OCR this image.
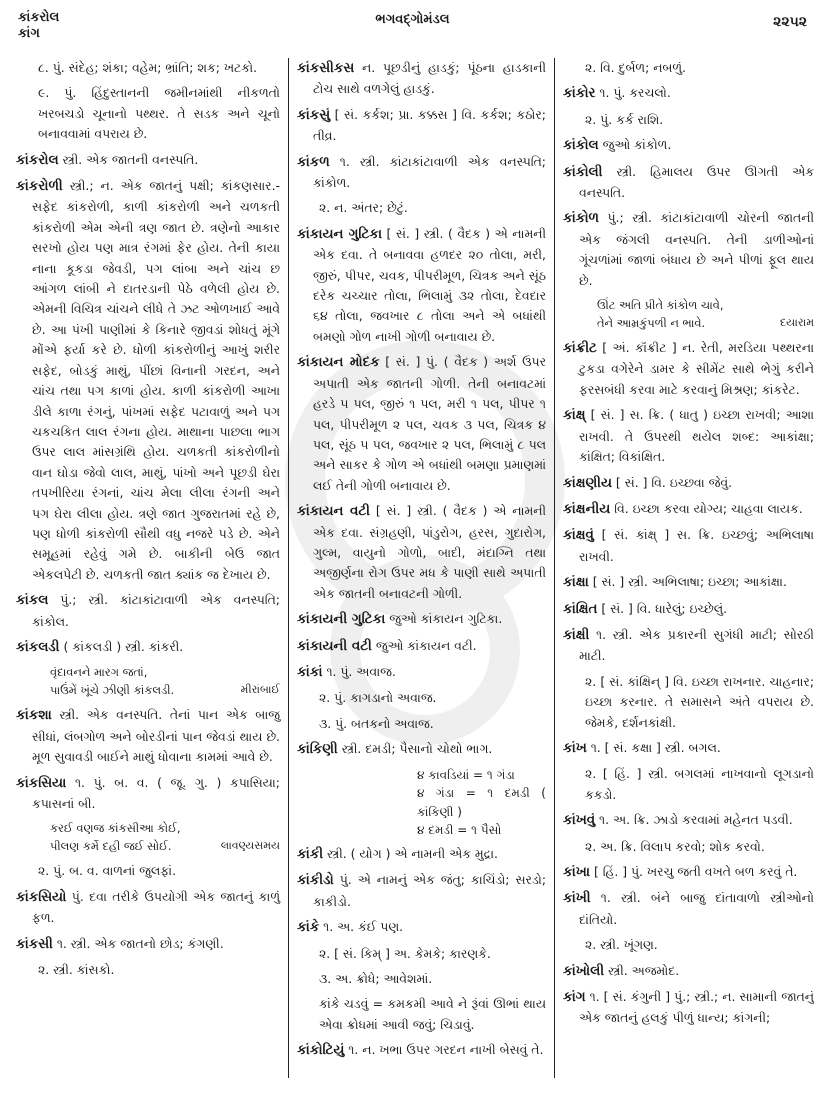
કાંકરોલ
કાંગ
ભગવદ્ગોમંડલ	૨૨૫૨
૮. પું. સંદેહ; શંકા; વહેમ; ભ્રાંતિ; શક; ખટકો.
૯. પું. હિંદુસ્તાનની જમીનમાંથી નીકળતો ખરબચડો ચૂનાનો પથ્થર. તે સડક અને ચૂનો બનાવવામાં વપરાય છે.
કાંકરોલ સ્ત્રી. એક જાતની વનસ્પતિ.
કાંકરોળી સ્ત્રી.; ન. એક જાતનું પક્ષી; કાંકણસાર.- સફેદ કાંકરોળી, કાળી કાંકરોળી અને ચળકતી કાંકરોળી એમ એની ત્રણ જાત છે. ત્રણેનો આકાર સરખો હોય પણ માત્ર રંગમાં ફેર હોય. તેની કાયા નાના કૂકડા જેવડી, પગ લાંબા અને ચાંચ છ આંગળ લાંબી ને દાતરડાની પેઠે વળેલી હોય છે. એમની વિચિત્ર ચાંચને લીધે તે ઝટ ઓળખાઈ આવે છે. આ પંખી પાણીમાં કે કિનારે જીવડાં શોધતું મૂંગે મોંએ ફર્યા કરે છે. ધોળી કાંકરોળીનું આખું શરીર સફેદ, બોડકું માથું, પીંછાં વિનાની ગરદન, અને ચાંચ તથા પગ કાળાં હોય. કાળી કાંકરોળી આખા ડીલે કાળા રંગનું, પાંખમાં સફેદ પટાવાળું અને પગ ચકચકિત લાલ રંગના હોય. માથાના પાછલા ભાગ ઉપર લાલ માંસગ્રંથિ હોય. ચળકતી કાંકરોળીનો વાન ઘોડા જેવો લાલ, માથું, પાંખો અને પૂછડી ઘેરા તપખીરિયા રંગનાં, ચાંચ મેલા લીલા રંગની અને પગ ઘેરા લીલા હોય. ત્રણે જાત ગુજરાતમાં રહે છે, પણ ધોળી કાંકરોળી સૌથી વધુ નજરે પડે છે. એને સમૂહમાં રહેવું ગમે છે. બાકીની બેઉ જાત એકલપેટી છે. ચળકતી જાત ક્યાંક જ દેખાય છે.
કાંકલ પું.; સ્ત્રી. કાંટાકાંટાવાળી એક વનસ્પતિ; કાંકોલ.
કાંકલડી ( કાંકલડી ) સ્ત્રી. કાંકરી.
વૃંદાવનને મારગ જતાં,
પાઉંમેં ખૂંચે ઝીણી કાંકલડી.	મીરાંબાઈ
કાંકશા સ્ત્રી. એક વનસ્પતિ. તેનાં પાન એક બાજુ સીધાં, લંબગોળ અને બોરડીનાં પાન જેવડાં થાય છે. મૂળ સુવાવડી બાઈને માથું ધોવાના કામમાં આવે છે.
કાંકસિયા ૧. પું. બ. વ. ( જૂ. ગુ. ) કપાસિયા; કપાસનાં બી.
કરઈ વણજ કાંકસીઆ કોઈ,
પીલણ કર્મે દહી જઈ સોઈ.	લાવણ્યસમય
૨. પું. બ. વ. વાળનાં જુલફાં.
કાંકસિયો પું. દવા તરીકે ઉપયોગી એક જાતનું કાળું ફળ.
કાંકસી ૧. સ્ત્રી. એક જાતનો છોડ; કંગણી.
૨. સ્ત્રી. કાંસકો.
કાંકસીકસ ન. પૂછડીનું હાડકું; પૂંઠના હાડકાની ટોચ સાથે વળગેલું હાડકું.
કાંકસું [ સં. કર્કશ; પ્રા. કક્કસ ] વિ. કર્કશ; કઠોર; તીવ્ર.
કાંકળ ૧. સ્ત્રી. કાંટાકાંટાવાળી એક વનસ્પતિ; કાંકોળ.
૨. ન. અંતર; છેટું.
કાંકાયન ગુટિકા [ સં. ] સ્ત્રી. ( વૈદક ) એ નામની એક દવા. તે બનાવવા હળદર ૨૦ તોલા, મરી, જીરું, પીપર, ચવક, પીપરીમૂળ, ચિત્રક અને સૂંઠ દરેક ચચ્ચાર તોલા, ભિલામું ૩૨ તોલા, દેવદાર ૬૪ તોલા, જવખાર ૮ તોલા અને એ બધાંથી બમણો ગોળ નાખી ગોળી બનાવાય છે.
કાંકાયન મોદક [ સં. ] પું. ( વૈદક ) અર્શ ઉપર અપાતી એક જાતની ગોળી. તેની બનાવટમાં હરડે ૫ પલ, જીરું ૧ પલ, મરી ૧ પલ, પીપર ૧ પલ, પીપરીમૂળ ૨ પલ, ચવક ૩ પલ, ચિત્રક ૪ પલ, સૂંઠ ૫ પલ, જવખાર ૨ પલ, ભિલામું ૮ પલ અને સાકર કે ગોળ એ બધાંથી બમણા પ્રમાણમાં લઈ તેની ગોળી બનાવાય છે.
કાંકાયન વટી [ સં. ] સ્ત્રી. ( વૈદક ) એ નામની એક દવા. સંગ્રહણી, પાંડુરોગ, હરસ, ગુદારોગ, ગુલ્મ, વાયુનો ગોળો, બાદી, મંદાગ્નિ તથા અજીર્ણના રોગ ઉપર મધ કે પાણી સાથે અપાતી એક જાતની બનાવટની ગોળી.
કાંકાયની ગુટિકા જુઓ કાંકાયન ગુટિકા.
કાંકાયની વટી જુઓ કાંકાયન વટી.
કાંકાં ૧. પું. અવાજ.
૨. પું. કાગડાનો અવાજ.
૩. પું. બતકનો અવાજ.
કાંકિણી સ્ત્રી. દમડી; પૈસાનો ચોથો ભાગ.
૪ કાવડિયાં = ૧ ગંડા
૪ ગંડા = ૧ દમડી ( કાંકિણી )
૪ દમડી = ૧ પૈસો
કાંકી સ્ત્રી. ( યોગ ) એ નામની એક મુદ્રા.
કાંકીડો પું. એ નામનું એક જંતુ; કાચિંડો; સરડો; કાકીડો.
કાંકે ૧. અ. કંઈ પણ.
૨. [ સં. કિમ્ ] અ. કેમકે; કારણકે.
૩. અ. ક્રોધે; આવેશમાં.
કાંકે ચડવું = કમકમી આવે ને રૂંવાં ઊભાં થાય એવા ક્રોધમાં આવી જવું; ચિડાવું.
કાંકોટિયું ૧. ન. ખભા ઉપર ગરદન નાખી બેસવું તે.
૨. વિ. દુર્બળ; નબળું.
કાંકોર ૧. પું. કરચલો.
૨. પું. કર્ક રાશિ.
કાંકોલ જુઓ કાંકોળ.
કાંકોલી સ્ત્રી. હિમાલય ઉપર ઊગતી એક વનસ્પતિ.
કાંકોળ પું.; સ્ત્રી. કાંટાકાંટાવાળી ચોરની જાતની એક જંગલી વનસ્પતિ. તેની ડાળીઓનાં ગૂંચળાંમાં જાળાં બંધાય છે અને પીળાં ફૂલ થાય છે.
ઊંટ અતિ પ્રીતે કાંકોળ ચાવે,
તેને આમ્રકુંપળી ન ભાવે.	દયારામ
કાંક્રીટ [ અં. કૉંક્રીટ ] ન. રેતી, મરડિયા પથ્થરના ટુકડા વગેરેને ડામર કે સીમેંટ સાથે ભેગું કરીને ફરસબંધી કરવા માટે કરવાનું મિશ્રણ; કાંકરેટ.
કાંક્ષ્ [ સં. ] સ. ક્રિ. ( ધાતુ ) ઇચ્છા રાખવી; આશા રાખવી. તે ઉપરથી થયેલ શબ્દ: આકાંક્ષા; કાંક્ષિત; વિકાંક્ષિત.
કાંક્ષણીય [ સં. ] વિ. ઇચ્છવા જેવું.
કાંક્ષનીય વિ. ઇચ્છા કરવા યોગ્ય; ચાહવા લાયક.
કાંક્ષવું [ સં. કાંક્ષ્ ] સ. ક્રિ. ઇચ્છવું; અભિલાષા રાખવી.
કાંક્ષા [ સં. ] સ્ત્રી. અભિલાષા; ઇચ્છા; આકાંક્ષા.
કાંક્ષિત [ સં. ] વિ. ધારેલું; ઇચ્છેલું.
કાંક્ષી ૧. સ્ત્રી. એક પ્રકારની સુગંધી માટી; સોરઠી માટી.
૨. [ સં. કાંક્ષિન્ ] વિ. ઇચ્છા રાખનાર. ચાહનાર; ઇચ્છા કરનાર. તે સમાસને અંતે વપરાય છે. જેમકે, દર્શનકાંક્ષી.
કાંખ ૧. [ સં. કક્ષા ] સ્ત્રી. બગલ.
૨. [ હિં. ] સ્ત્રી. બગલમાં નાખવાનો લૂગડાનો કકડો.
કાંખવું ૧. અ. ક્રિ. ઝાડો કરવામાં મહેનત પડવી.
૨. અ. ક્રિ. વિલાપ કરવો; શોક કરવો.
કાંખા [ હિં. ] પું. ખરચુ જતી વખતે બળ કરવું તે.
કાંખી ૧. સ્ત્રી. બંને બાજુ દાંતાવાળો સ્ત્રીઓનો દાંતિયો.
૨. સ્ત્રી. ખૂંગણ.
કાંખોલી સ્ત્રી. અજમોદ.
કાંગ ૧. [ સં. કંગુની ] પું.; સ્ત્રી.; ન. સામાની જાતનું એક જાતનું હલકું પીળું ધાન્ય; કાંગની;
